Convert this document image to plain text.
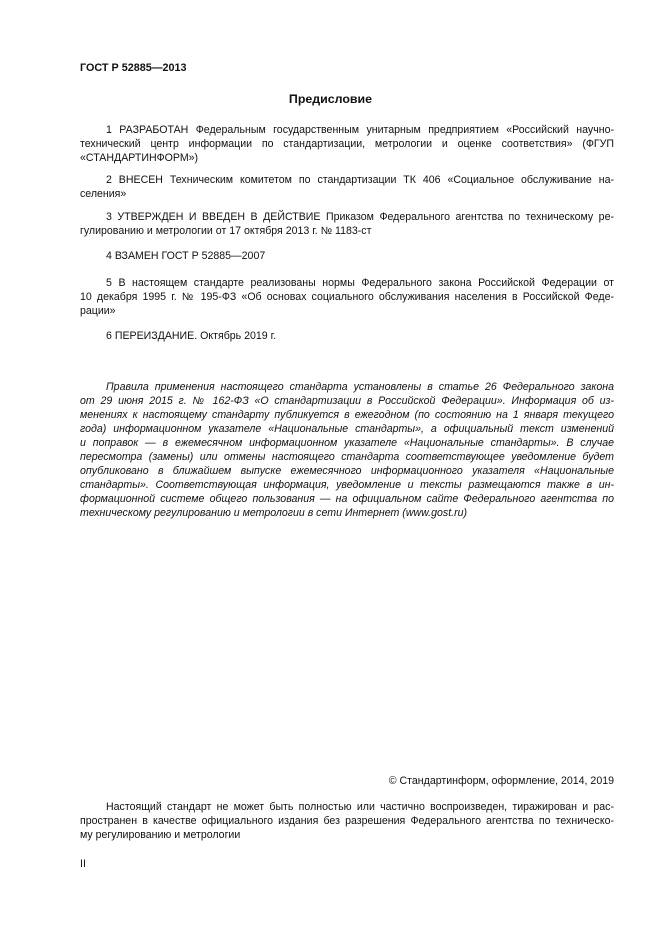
ГОСТ Р 52885—2013
Предисловие
1 РАЗРАБОТАН Федеральным государственным унитарным предприятием «Российский научно-
технический центр информации по стандартизации, метрологии и оценке соответствия» (ФГУП
«СТАНДАРТИНФОРМ»)
2 ВНЕСЕН Техническим комитетом по стандартизации ТК 406 «Социальное обслуживание на-
селения»
3 УТВЕРЖДЕН И ВВЕДЕН В ДЕЙСТВИЕ Приказом Федерального агентства по техническому ре-
гулированию и метрологии от 17 октября 2013 г. № 1183-ст
4 ВЗАМЕН ГОСТ Р 52885—2007
5 В настоящем стандарте реализованы нормы Федерального закона Российской Федерации от
10 декабря 1995 г. № 195-ФЗ «Об основах социального обслуживания населения в Российской Феде-
рации»
6 ПЕРЕИЗДАНИЕ. Октябрь 2019 г.
Правила применения настоящего стандарта установлены в статье 26 Федерального закона
от 29 июня 2015 г. № 162-ФЗ «О стандартизации в Российской Федерации». Информация об из-
менениях к настоящему стандарту публикуется в ежегодном (по состоянию на 1 января текущего
года) информационном указателе «Национальные стандарты», а официальный текст изменений
и поправок — в ежемесячном информационном указателе «Национальные стандарты». В случае
пересмотра (замены) или отмены настоящего стандарта соответствующее уведомление будет
опубликовано в ближайшем выпуске ежемесячного информационного указателя «Национальные
стандарты». Соответствующая информация, уведомление и тексты размещаются также в ин-
формационной системе общего пользования — на официальном сайте Федерального агентства по
техническому регулированию и метрологии в сети Интернет (www.gost.ru)
© Стандартинформ, оформление, 2014, 2019
Настоящий стандарт не может быть полностью или частично воспроизведен, тиражирован и рас-
пространен в качестве официального издания без разрешения Федерального агентства по техническо-
му регулированию и метрологии
II
